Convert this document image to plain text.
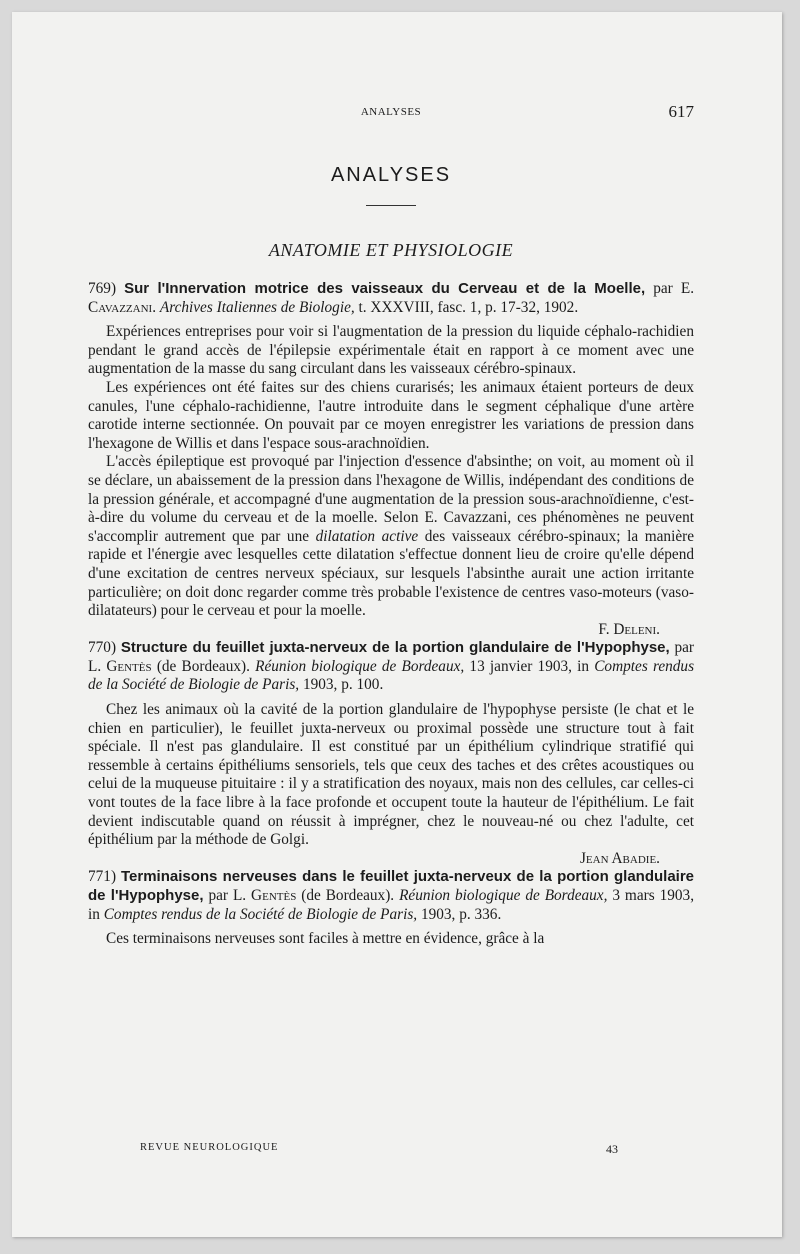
ANALYSES	617
ANALYSES
ANATOMIE ET PHYSIOLOGIE

769) Sur l'Innervation motrice des vaisseaux du Cerveau et de la Moelle, par E. Cavazzani. Archives Italiennes de Biologie, t. XXXVIII, fasc. 1, p. 17-32, 1902.

Expériences entreprises pour voir si l'augmentation de la pression du liquide céphalo-rachidien pendant le grand accès de l'épilepsie expérimentale était en rapport à ce moment avec une augmentation de la masse du sang circulant dans les vaisseaux cérébro-spinaux.

Les expériences ont été faites sur des chiens curarisés; les animaux étaient porteurs de deux canules, l'une céphalo-rachidienne, l'autre introduite dans le segment céphalique d'une artère carotide interne sectionnée. On pouvait par ce moyen enregistrer les variations de pression dans l'hexagone de Willis et dans l'espace sous-arachnoïdien.

L'accès épileptique est provoqué par l'injection d'essence d'absinthe; on voit, au moment où il se déclare, un abaissement de la pression dans l'hexagone de Willis, indépendant des conditions de la pression générale, et accompagné d'une augmentation de la pression sous-arachnoïdienne, c'est-à-dire du volume du cerveau et de la moelle. Selon E. Cavazzani, ces phénomènes ne peuvent s'accomplir autrement que par une dilatation active des vaisseaux cérébro-spinaux; la manière rapide et l'énergie avec lesquelles cette dilatation s'effectue donnent lieu de croire qu'elle dépend d'une excitation de centres nerveux spéciaux, sur lesquels l'absinthe aurait une action irritante particulière; on doit donc regarder comme très probable l'existence de centres vaso-moteurs (vaso-dilatateurs) pour le cerveau et pour la moelle.

F. Deleni.

770) Structure du feuillet juxta-nerveux de la portion glandulaire de l'Hypophyse, par L. Gentès (de Bordeaux). Réunion biologique de Bordeaux, 13 janvier 1903, in Comptes rendus de la Société de Biologie de Paris, 1903, p. 100.

Chez les animaux où la cavité de la portion glandulaire de l'hypophyse persiste (le chat et le chien en particulier), le feuillet juxta-nerveux ou proximal possède une structure tout à fait spéciale. Il n'est pas glandulaire. Il est constitué par un épithélium cylindrique stratifié qui ressemble à certains épithéliums sensoriels, tels que ceux des taches et des crêtes acoustiques ou celui de la muqueuse pituitaire : il y a stratification des noyaux, mais non des cellules, car celles-ci vont toutes de la face libre à la face profonde et occupent toute la hauteur de l'épithélium. Le fait devient indiscutable quand on réussit à imprégner, chez le nouveau-né ou chez l'adulte, cet épithélium par la méthode de Golgi.

Jean Abadie.

771) Terminaisons nerveuses dans le feuillet juxta-nerveux de la portion glandulaire de l'Hypophyse, par L. Gentès (de Bordeaux). Réunion biologique de Bordeaux, 3 mars 1903, in Comptes rendus de la Société de Biologie de Paris, 1903, p. 336.

Ces terminaisons nerveuses sont faciles à mettre en évidence, grâce à la

REVUE NEUROLOGIQUE	43
